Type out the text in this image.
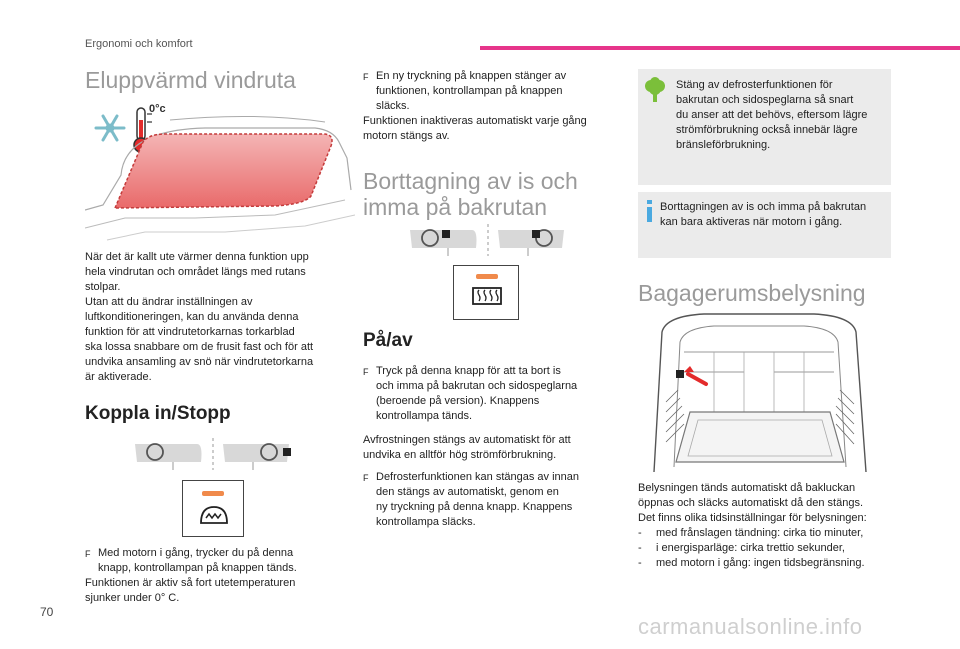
Ergonomi och komfort
Eluppvärmd vindruta
0°c
När det är kallt ute värmer denna funktion upp
hela vindrutan och området längs med rutans
stolpar.
Utan att du ändrar inställningen av
luftkonditioneringen, kan du använda denna
funktion för att vindrutetorkarnas torkarblad
ska lossa snabbare om de frusit fast och för att
undvika ansamling av snö när vindrutetorkarna
är aktiverade.
Koppla in/Stopp
F Med motorn i gång, trycker du på denna
knapp, kontrollampan på knappen tänds.
Funktionen är aktiv så fort utetemperaturen
sjunker under 0° C.
F En ny tryckning på knappen stänger av
funktionen, kontrollampan på knappen
släcks.
Funktionen inaktiveras automatiskt varje gång
motorn stängs av.
Borttagning av is och
imma på bakrutan
På/av
F Tryck på denna knapp för att ta bort is
och imma på bakrutan och sidospeglarna
(beroende på version). Knappens
kontrollampa tänds.
Avfrostningen stängs av automatiskt för att
undvika en alltför hög strömförbrukning.
F Defrosterfunktionen kan stängas av innan
den stängs av automatiskt, genom en
ny tryckning på denna knapp. Knappens
kontrollampa släcks.
Stäng av defrosterfunktionen för
bakrutan och sidospeglarna så snart
du anser att det behövs, eftersom lägre
strömförbrukning också innebär lägre
bränsleförbrukning.
Borttagningen av is och imma på bakrutan
kan bara aktiveras när motorn i gång.
Bagagerumsbelysning
Belysningen tänds automatiskt då bakluckan
öppnas och släcks automatiskt då den stängs.
Det finns olika tidsinställningar för belysningen:
- med frånslagen tändning: cirka tio minuter,
- i energisparläge: cirka trettio sekunder,
- med motorn i gång: ingen tidsbegränsning.
70
carmanualsonline.info
